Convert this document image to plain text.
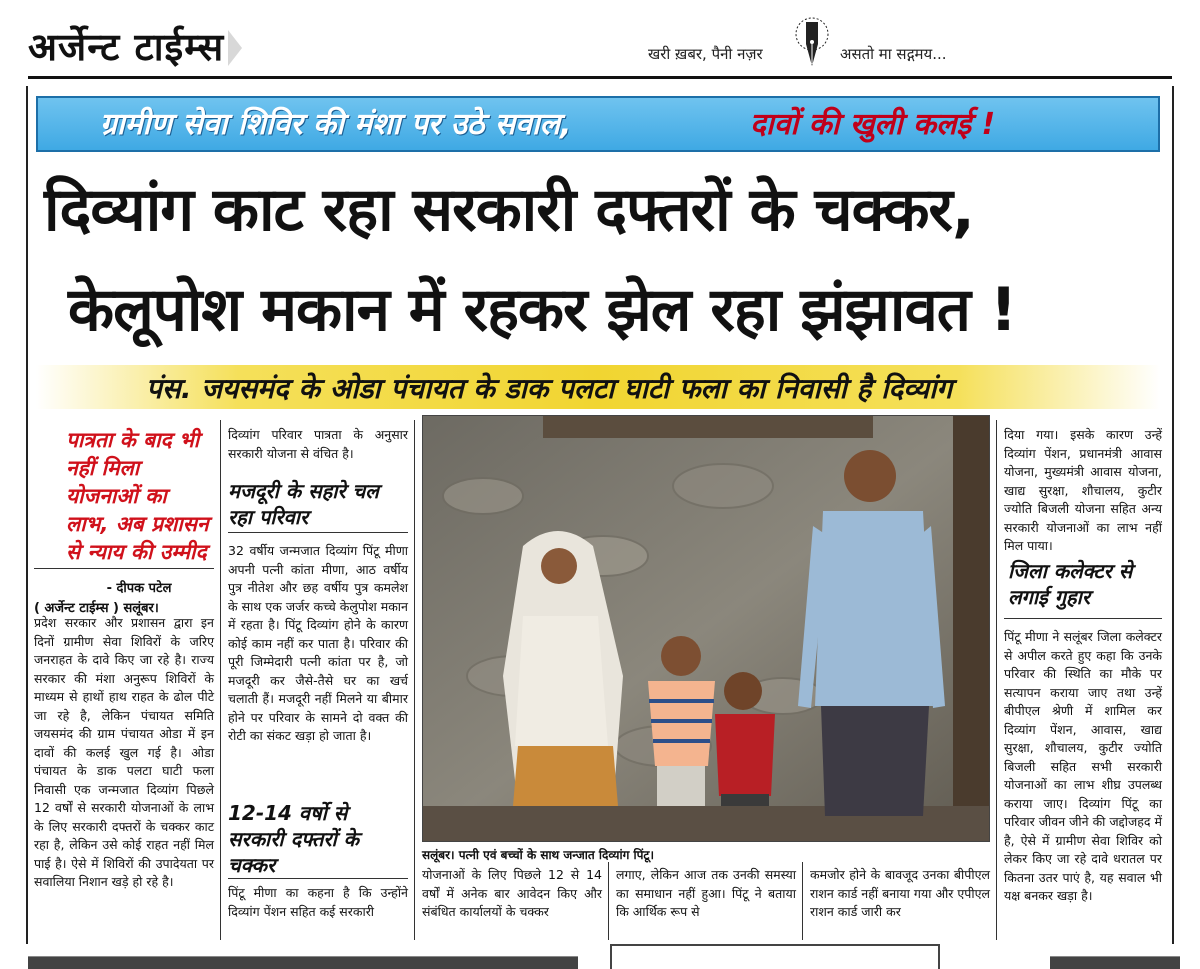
अर्जेन्ट टाईम्स	खरी ख़बर, पैनी नज़र	असतो मा सद्गमय...
ग्रामीण सेवा शिविर की मंशा पर उठे सवाल,	दावों की खुली कलई !
दिव्यांग काट रहा सरकारी दफ्तरों के चक्कर,
केलूपोश मकान में रहकर झेल रहा झंझावत !
पंस. जयसमंद के ओडा पंचायत के डाक पलटा घाटी फला का निवासी है दिव्यांग
पात्रता के बाद भी नहीं मिला योजनाओं का लाभ, अब प्रशासन से न्याय की उम्मीद
- दीपक पटेल
( अर्जेन्ट टाईम्स ) सलूंबर।

प्रदेश सरकार और प्रशासन द्वारा इन दिनों ग्रामीण सेवा शिविरों के जरिए जनराहत के दावे किए जा रहे है। राज्य सरकार की मंशा अनुरूप शिविरों के माध्यम से हाथों हाथ राहत के ढोल पीटे जा रहे है, लेकिन पंचायत समिति जयसमंद की ग्राम पंचायत ओडा में इन दावों की कलई खुल गई है। ओडा पंचायत के डाक पलटा घाटी फला निवासी एक जन्मजात दिव्यांग पिछले 12 वर्षों से सरकारी योजनाओं के लाभ के लिए सरकारी दफ्तरों के चक्कर काट रहा है, लेकिन उसे कोई राहत नहीं मिल पाई है। ऐसे में शिविरों की उपादेयता पर सवालिया निशान खड़े हो रहे है।

दिव्यांग परिवार पात्रता के अनुसार सरकारी योजना से वंचित है।

मजदूरी के सहारे चल रहा परिवार

32 वर्षीय जन्मजात दिव्यांग पिंटू मीणा अपनी पत्नी कांता मीणा, आठ वर्षीय पुत्र नीतेश और छह वर्षीय पुत्र कमलेश के साथ एक जर्जर कच्चे केलुपोश मकान में रहता है। पिंटू दिव्यांग होने के कारण कोई काम नहीं कर पाता है। परिवार की पूरी जिम्मेदारी पत्नी कांता पर है, जो मजदूरी कर जैसे-तैसे घर का खर्च चलाती हैं। मजदूरी नहीं मिलने या बीमार होने पर परिवार के सामने दो वक्त की रोटी का संकट खड़ा हो जाता है।

12-14 वर्षो से सरकारी दफ्तरों के चक्कर

पिंटू मीणा का कहना है कि उन्होंने दिव्यांग पेंशन सहित कई सरकारी

सलूंबर। पत्नी एवं बच्चों के साथ जन्जात दिव्यांग पिंटू।

योजनाओं के लिए पिछले 12 से 14 वर्षों में अनेक बार आवेदन किए और संबंधित कार्यालयों के चक्कर

लगाए, लेकिन आज तक उनकी समस्या का समाधान नहीं हुआ। पिंटू ने बताया कि आर्थिक रूप से

कमजोर होने के बावजूद उनका बीपीएल राशन कार्ड नहीं बनाया गया और एपीएल राशन कार्ड जारी कर

दिया गया। इसके कारण उन्हें दिव्यांग पेंशन, प्रधानमंत्री आवास योजना, मुख्यमंत्री आवास योजना, खाद्य सुरक्षा, शौचालय, कुटीर ज्योति बिजली योजना सहित अन्य सरकारी योजनाओं का लाभ नहीं मिल पाया।

जिला कलेक्टर से लगाई गुहार

पिंटू मीणा ने सलूंबर जिला कलेक्टर से अपील करते हुए कहा कि उनके परिवार की स्थिति का मौके पर सत्यापन कराया जाए तथा उन्हें बीपीएल श्रेणी में शामिल कर दिव्यांग पेंशन, आवास, खाद्य सुरक्षा, शौचालय, कुटीर ज्योति बिजली सहित सभी सरकारी योजनाओं का लाभ शीघ्र उपलब्ध कराया जाए। दिव्यांग पिंटू का परिवार जीवन जीने की जद्दोजहद में है, ऐसे में ग्रामीण सेवा शिविर को लेकर किए जा रहे दावे धरातल पर कितना उतर पाएं है, यह सवाल भी यक्ष बनकर खड़ा है।
